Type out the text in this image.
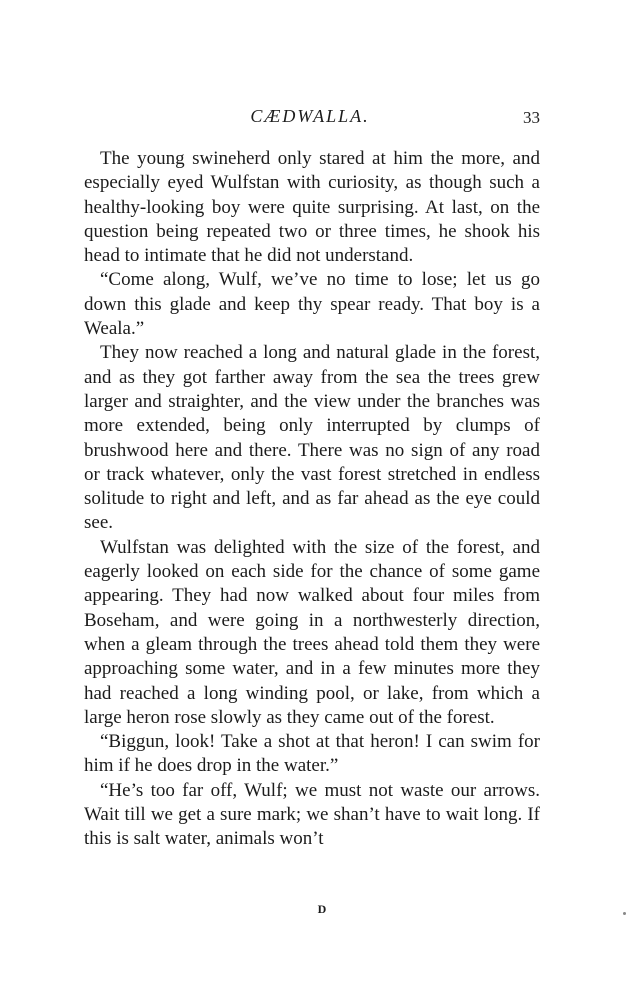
CÆDWALLA.	33

The young swineherd only stared at him the more, and especially eyed Wulfstan with curiosity, as though such a healthy-looking boy were quite surprising. At last, on the question being repeated two or three times, he shook his head to intimate that he did not understand.

“Come along, Wulf, we’ve no time to lose; let us go down this glade and keep thy spear ready. That boy is a Weala.”

They now reached a long and natural glade in the forest, and as they got farther away from the sea the trees grew larger and straighter, and the view under the branches was more extended, being only interrupted by clumps of brushwood here and there. There was no sign of any road or track whatever, only the vast forest stretched in endless solitude to right and left, and as far ahead as the eye could see.

Wulfstan was delighted with the size of the forest, and eagerly looked on each side for the chance of some game appearing. They had now walked about four miles from Boseham, and were going in a northwesterly direction, when a gleam through the trees ahead told them they were approaching some water, and in a few minutes more they had reached a long winding pool, or lake, from which a large heron rose slowly as they came out of the forest.

“Biggun, look! Take a shot at that heron! I can swim for him if he does drop in the water.”

“He’s too far off, Wulf; we must not waste our arrows. Wait till we get a sure mark; we shan’t have to wait long. If this is salt water, animals won’t

D
